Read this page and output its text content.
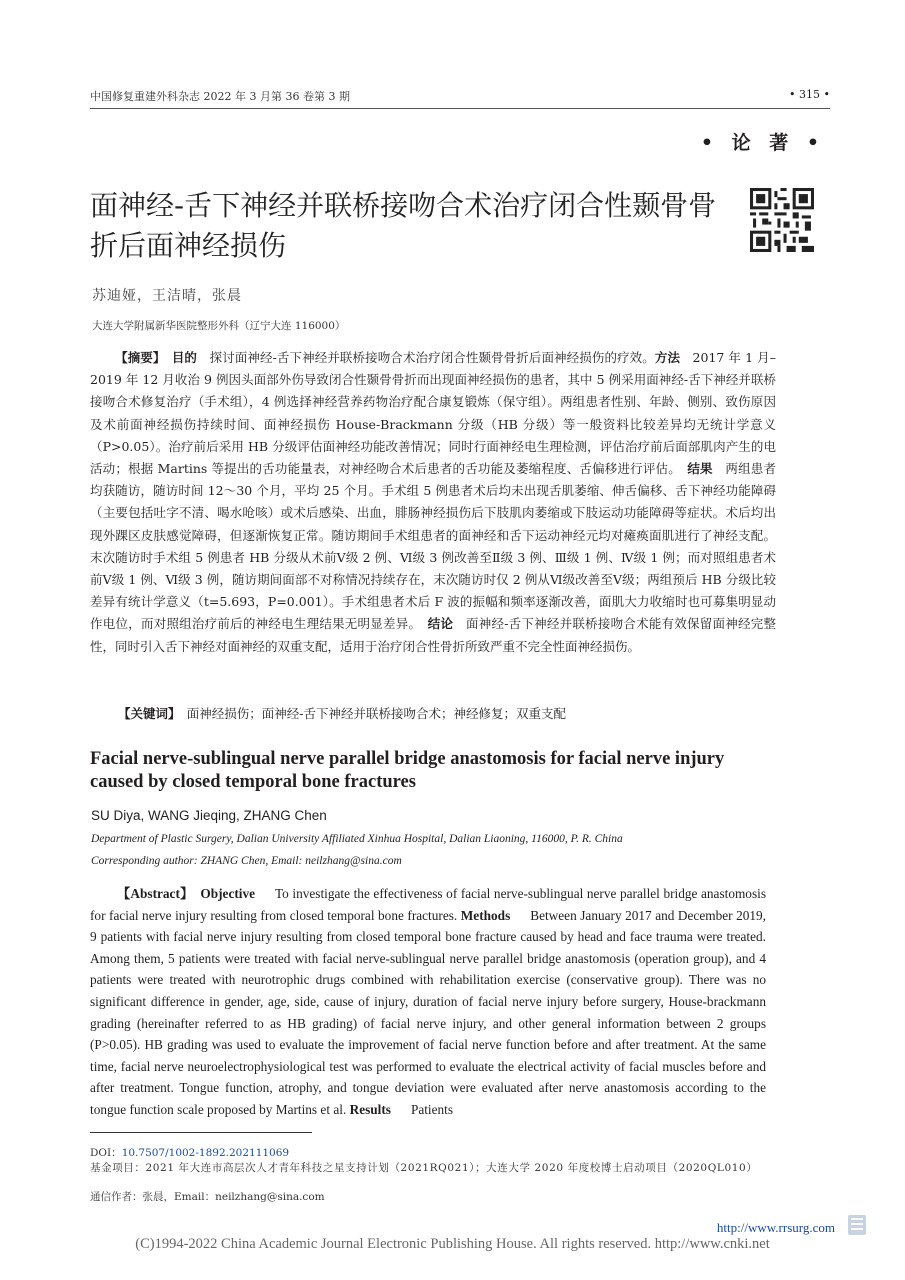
中国修复重建外科杂志 2022 年 3 月第 36 卷第 3 期	• 315 •
• 论 著 •
面神经-舌下神经并联桥接吻合术治疗闭合性颞骨骨折后面神经损伤
苏迪娅，王洁晴，张晨
大连大学附属新华医院整形外科（辽宁大连 116000）
  【摘要】  目的  探讨面神经-舌下神经并联桥接吻合术治疗闭合性颞骨骨折后面神经损伤的疗效。方法  2017 年 1 月–2019 年 12 月收治 9 例因头面部外伤导致闭合性颞骨骨折而出现面神经损伤的患者，其中 5 例采用面神经-舌下神经并联桥接吻合术修复治疗（手术组），4 例选择神经营养药物治疗配合康复锻炼（保守组）。两组患者性别、年龄、侧别、致伤原因及术前面神经损伤持续时间、面神经损伤 House-Brackmann 分级（HB 分级）等一般资料比较差异均无统计学意义（P>0.05）。治疗前后采用 HB 分级评估面神经功能改善情况；同时行面神经电生理检测，评估治疗前后面部肌肉产生的电活动；根据 Martins 等提出的舌功能量表，对神经吻合术后患者的舌功能及萎缩程度、舌偏移进行评估。  结果  两组患者均获随访，随访时间 12～30 个月，平均 25 个月。手术组 5 例患者术后均未出现舌肌萎缩、伸舌偏移、舌下神经功能障碍（主要包括吐字不清、喝水呛咳）或术后感染、出血，腓肠神经损伤后下肢肌肉萎缩或下肢运动功能障碍等症状。术后均出现外踝区皮肤感觉障碍，但逐渐恢复正常。随访期间手术组患者的面神经和舌下运动神经元均对瘫痪面肌进行了神经支配。末次随访时手术组 5 例患者 HB 分级从术前Ⅴ级 2 例、Ⅵ级 3 例改善至Ⅱ级 3 例、Ⅲ级 1 例、Ⅳ级 1 例；而对照组患者术前Ⅴ级 1 例、Ⅵ级 3 例，随访期间面部不对称情况持续存在，末次随访时仅 2 例从Ⅵ级改善至Ⅴ级；两组预后 HB 分级比较差异有统计学意义（t=5.693，P=0.001）。手术组患者术后 F 波的振幅和频率逐渐改善，面肌大力收缩时也可募集明显动作电位，而对照组治疗前后的神经电生理结果无明显差异。  结论  面神经-舌下神经并联桥接吻合术能有效保留面神经完整性，同时引入舌下神经对面神经的双重支配，适用于治疗闭合性骨折所致严重不完全性面神经损伤。
【关键词】  面神经损伤；面神经-舌下神经并联桥接吻合术；神经修复；双重支配
Facial nerve-sublingual nerve parallel bridge anastomosis for facial nerve injury caused by closed temporal bone fractures
SU Diya, WANG Jieqing, ZHANG Chen
Department of Plastic Surgery, Dalian University Affiliated Xinhua Hospital, Dalian Liaoning, 116000, P. R. China
Corresponding author: ZHANG Chen, Email: neilzhang@sina.com
  【Abstract】  Objective   To investigate the effectiveness of facial nerve-sublingual nerve parallel bridge anastomosis for facial nerve injury resulting from closed temporal bone fractures. Methods   Between January 2017 and December 2019, 9 patients with facial nerve injury resulting from closed temporal bone fracture caused by head and face trauma were treated. Among them, 5 patients were treated with facial nerve-sublingual nerve parallel bridge anastomosis (operation group), and 4 patients were treated with neurotrophic drugs combined with rehabilitation exercise (conservative group). There was no significant difference in gender, age, side, cause of injury, duration of facial nerve injury before surgery, House-brackmann grading (hereinafter referred to as HB grading) of facial nerve injury, and other general information between 2 groups (P>0.05). HB grading was used to evaluate the improvement of facial nerve function before and after treatment. At the same time, facial nerve neuroelectrophysiological test was performed to evaluate the electrical activity of facial muscles before and after treatment. Tongue function, atrophy, and tongue deviation were evaluated after nerve anastomosis according to the tongue function scale proposed by Martins et al. Results   Patients
DOI：10.7507/1002-1892.202111069
基金项目：2021 年大连市高层次人才青年科技之星支持计划（2021RQ021）；大连大学 2020 年度校博士启动项目（2020QL010）
通信作者：张晨，Email：neilzhang@sina.com
http://www.rrsurg.com
(C)1994-2022 China Academic Journal Electronic Publishing House. All rights reserved. http://www.cnki.net
